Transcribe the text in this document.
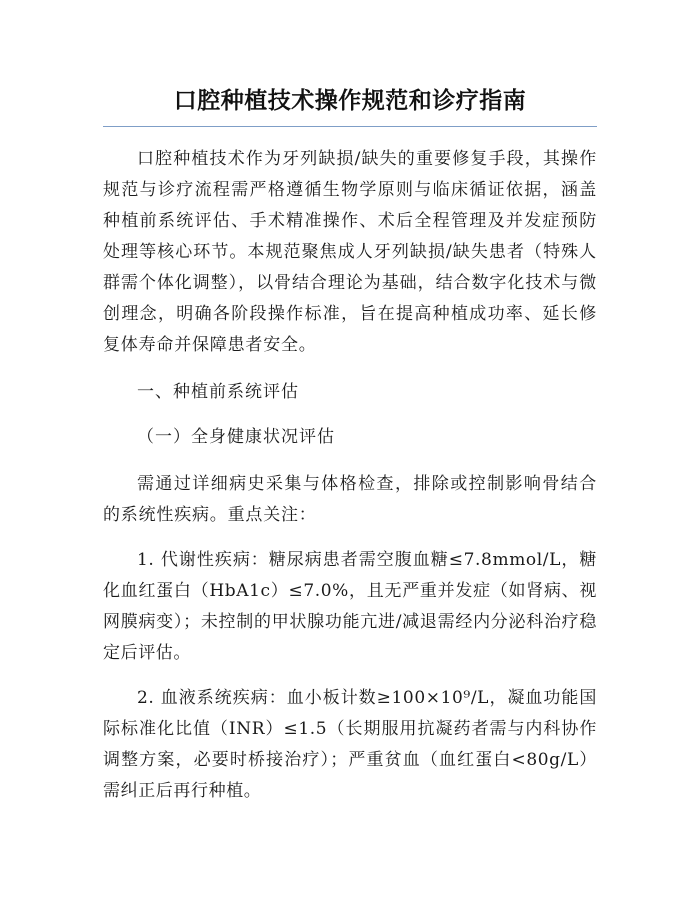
口腔种植技术操作规范和诊疗指南

口腔种植技术作为牙列缺损/缺失的重要修复手段，其操作规范与诊疗流程需严格遵循生物学原则与临床循证依据，涵盖种植前系统评估、手术精准操作、术后全程管理及并发症预防处理等核心环节。本规范聚焦成人牙列缺损/缺失患者（特殊人群需个体化调整），以骨结合理论为基础，结合数字化技术与微创理念，明确各阶段操作标准，旨在提高种植成功率、延长修复体寿命并保障患者安全。

一、种植前系统评估

（一）全身健康状况评估

需通过详细病史采集与体格检查，排除或控制影响骨结合的系统性疾病。重点关注：

1. 代谢性疾病：糖尿病患者需空腹血糖≤7.8mmol/L，糖化血红蛋白（HbA1c）≤7.0%，且无严重并发症（如肾病、视网膜病变）；未控制的甲状腺功能亢进/减退需经内分泌科治疗稳定后评估。

2. 血液系统疾病：血小板计数≥100×10⁹/L，凝血功能国际标准化比值（INR）≤1.5（长期服用抗凝药者需与内科协作调整方案，必要时桥接治疗）；严重贫血（血红蛋白<80g/L）需纠正后再行种植。
